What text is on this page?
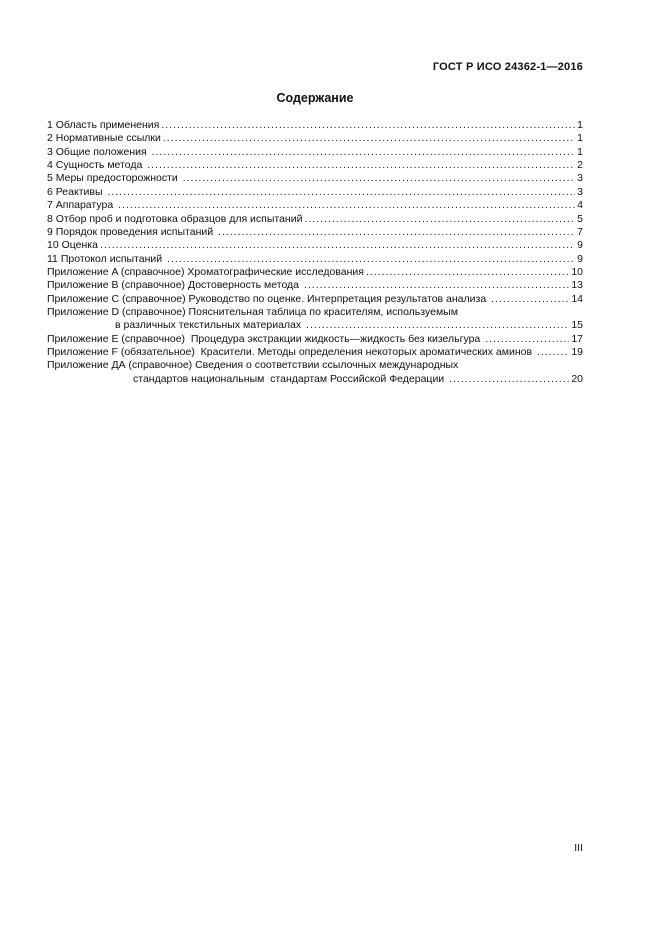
ГОСТ Р ИСО 24362-1—2016
Содержание
1 Область применения .....	1
2 Нормативные ссылки .....	1
3 Общие положения .....	1
4 Сущность метода .....	2
5 Меры предосторожности .....	3
6 Реактивы .....	3
7 Аппаратура .....	4
8 Отбор проб и подготовка образцов для испытаний .....	5
9 Порядок проведения испытаний .....	7
10 Оценка .....	9
11 Протокол испытаний .....	9
Приложение A (справочное) Хроматографические исследования .....	10
Приложение B (справочное) Достоверность метода .....	13
Приложение C (справочное) Руководство по оценке. Интерпретация результатов анализа .....	14
Приложение D (справочное) Пояснительная таблица по красителям, используемым
в различных текстильных материалах .....	15
Приложение E (справочное)  Процедура экстракции жидкость—жидкость без кизельгура .....	17
Приложение F (обязательное)  Красители. Методы определения некоторых ароматических аминов .....	19
Приложение ДА (справочное) Сведения о соответствии ссылочных международных
стандартов национальным  стандартам Российской Федерации .....	20
III
